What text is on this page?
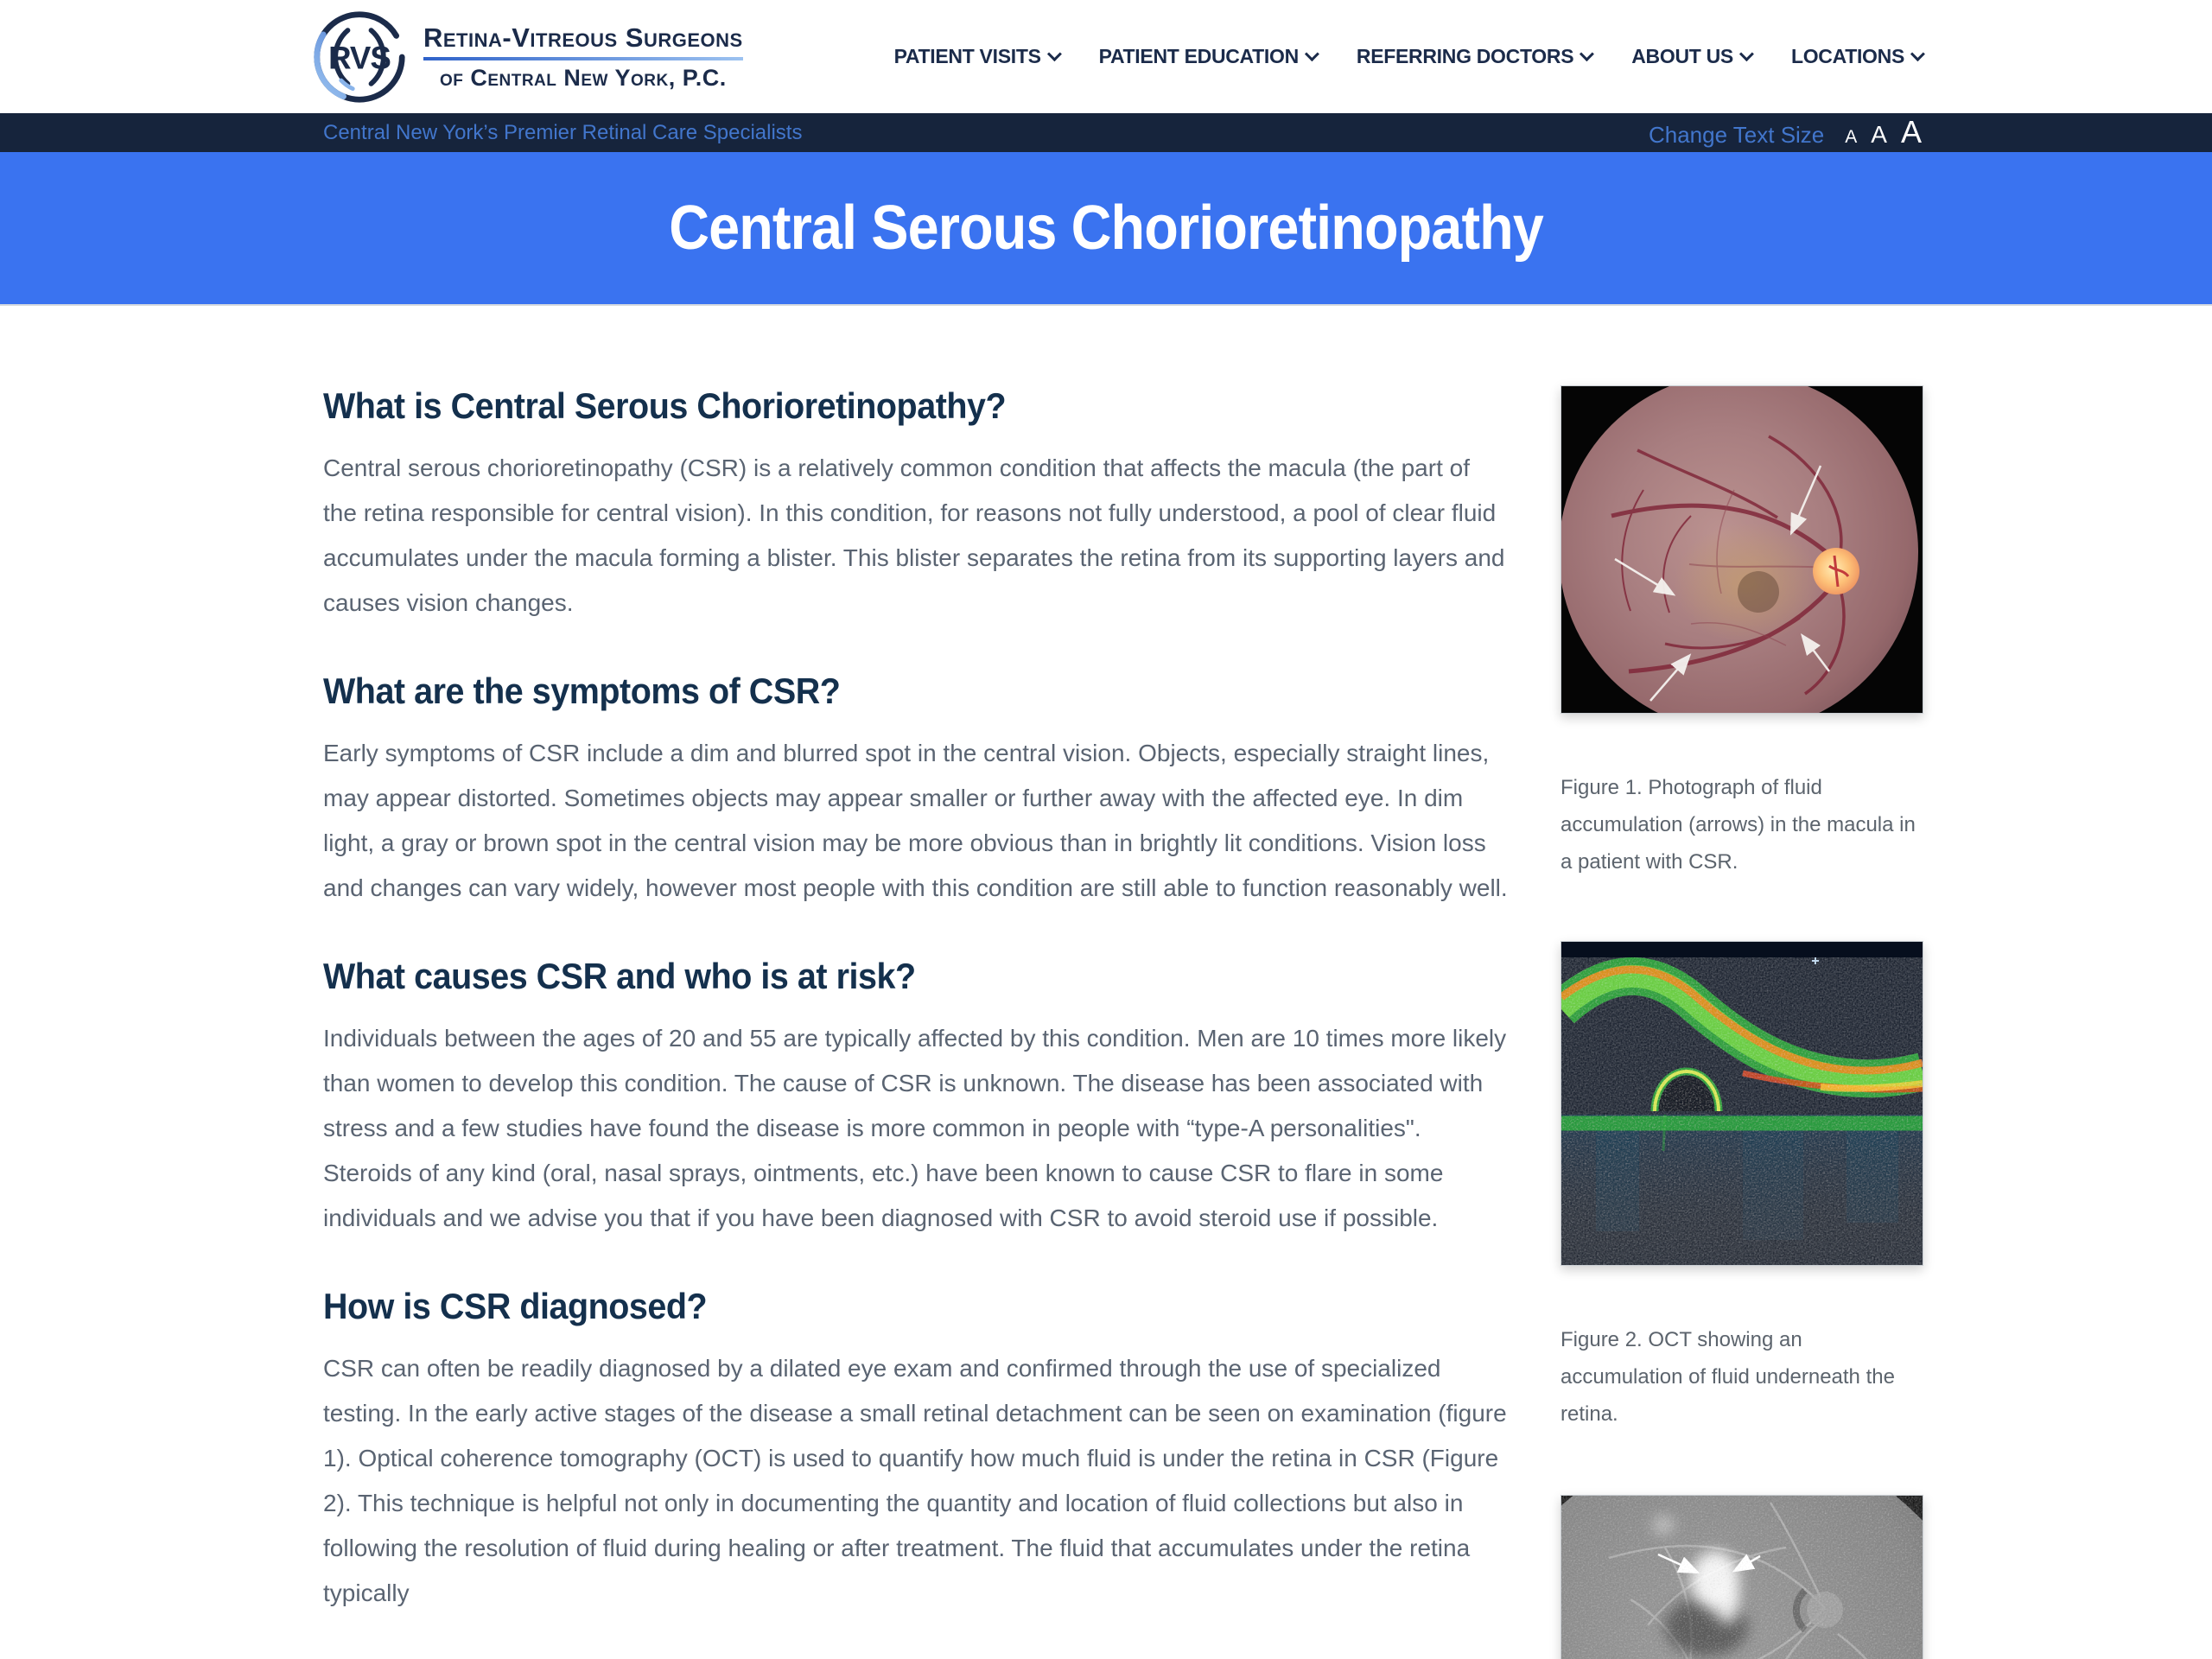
RVS
Retina-Vitreous Surgeons
of Central New York, P.C.
PATIENT VISITS	PATIENT EDUCATION	REFERRING DOCTORS	ABOUT US	LOCATIONS
Central New York’s Premier Retinal Care Specialists	Change Text Size A A A
Central Serous Chorioretinopathy
What is Central Serous Chorioretinopathy?

Central serous chorioretinopathy (CSR) is a relatively common condition that affects the macula (the part of the retina responsible for central vision). In this condition, for reasons not fully understood, a pool of clear fluid accumulates under the macula forming a blister. This blister separates the retina from its supporting layers and causes vision changes.

What are the symptoms of CSR?

Early symptoms of CSR include a dim and blurred spot in the central vision. Objects, especially straight lines, may appear distorted. Sometimes objects may appear smaller or further away with the affected eye. In dim light, a gray or brown spot in the central vision may be more obvious than in brightly lit conditions. Vision loss and changes can vary widely, however most people with this condition are still able to function reasonably well.

What causes CSR and who is at risk?

Individuals between the ages of 20 and 55 are typically affected by this condition. Men are 10 times more likely than women to develop this condition. The cause of CSR is unknown. The disease has been associated with stress and a few studies have found the disease is more common in people with “type-A personalities". Steroids of any kind (oral, nasal sprays, ointments, etc.) have been known to cause CSR to flare in some individuals and we advise you that if you have been diagnosed with CSR to avoid steroid use if possible.

How is CSR diagnosed?

CSR can often be readily diagnosed by a dilated eye exam and confirmed through the use of specialized testing. In the early active stages of the disease a small retinal detachment can be seen on examination (figure 1). Optical coherence tomography (OCT) is used to quantify how much fluid is under the retina in CSR (Figure 2). This technique is helpful not only in documenting the quantity and location of fluid collections but also in following the resolution of fluid during healing or after treatment. The fluid that accumulates under the retina typically

Figure 1. Photograph of fluid accumulation (arrows) in the macula in a patient with CSR.
Figure 2. OCT showing an accumulation of fluid underneath the retina.
